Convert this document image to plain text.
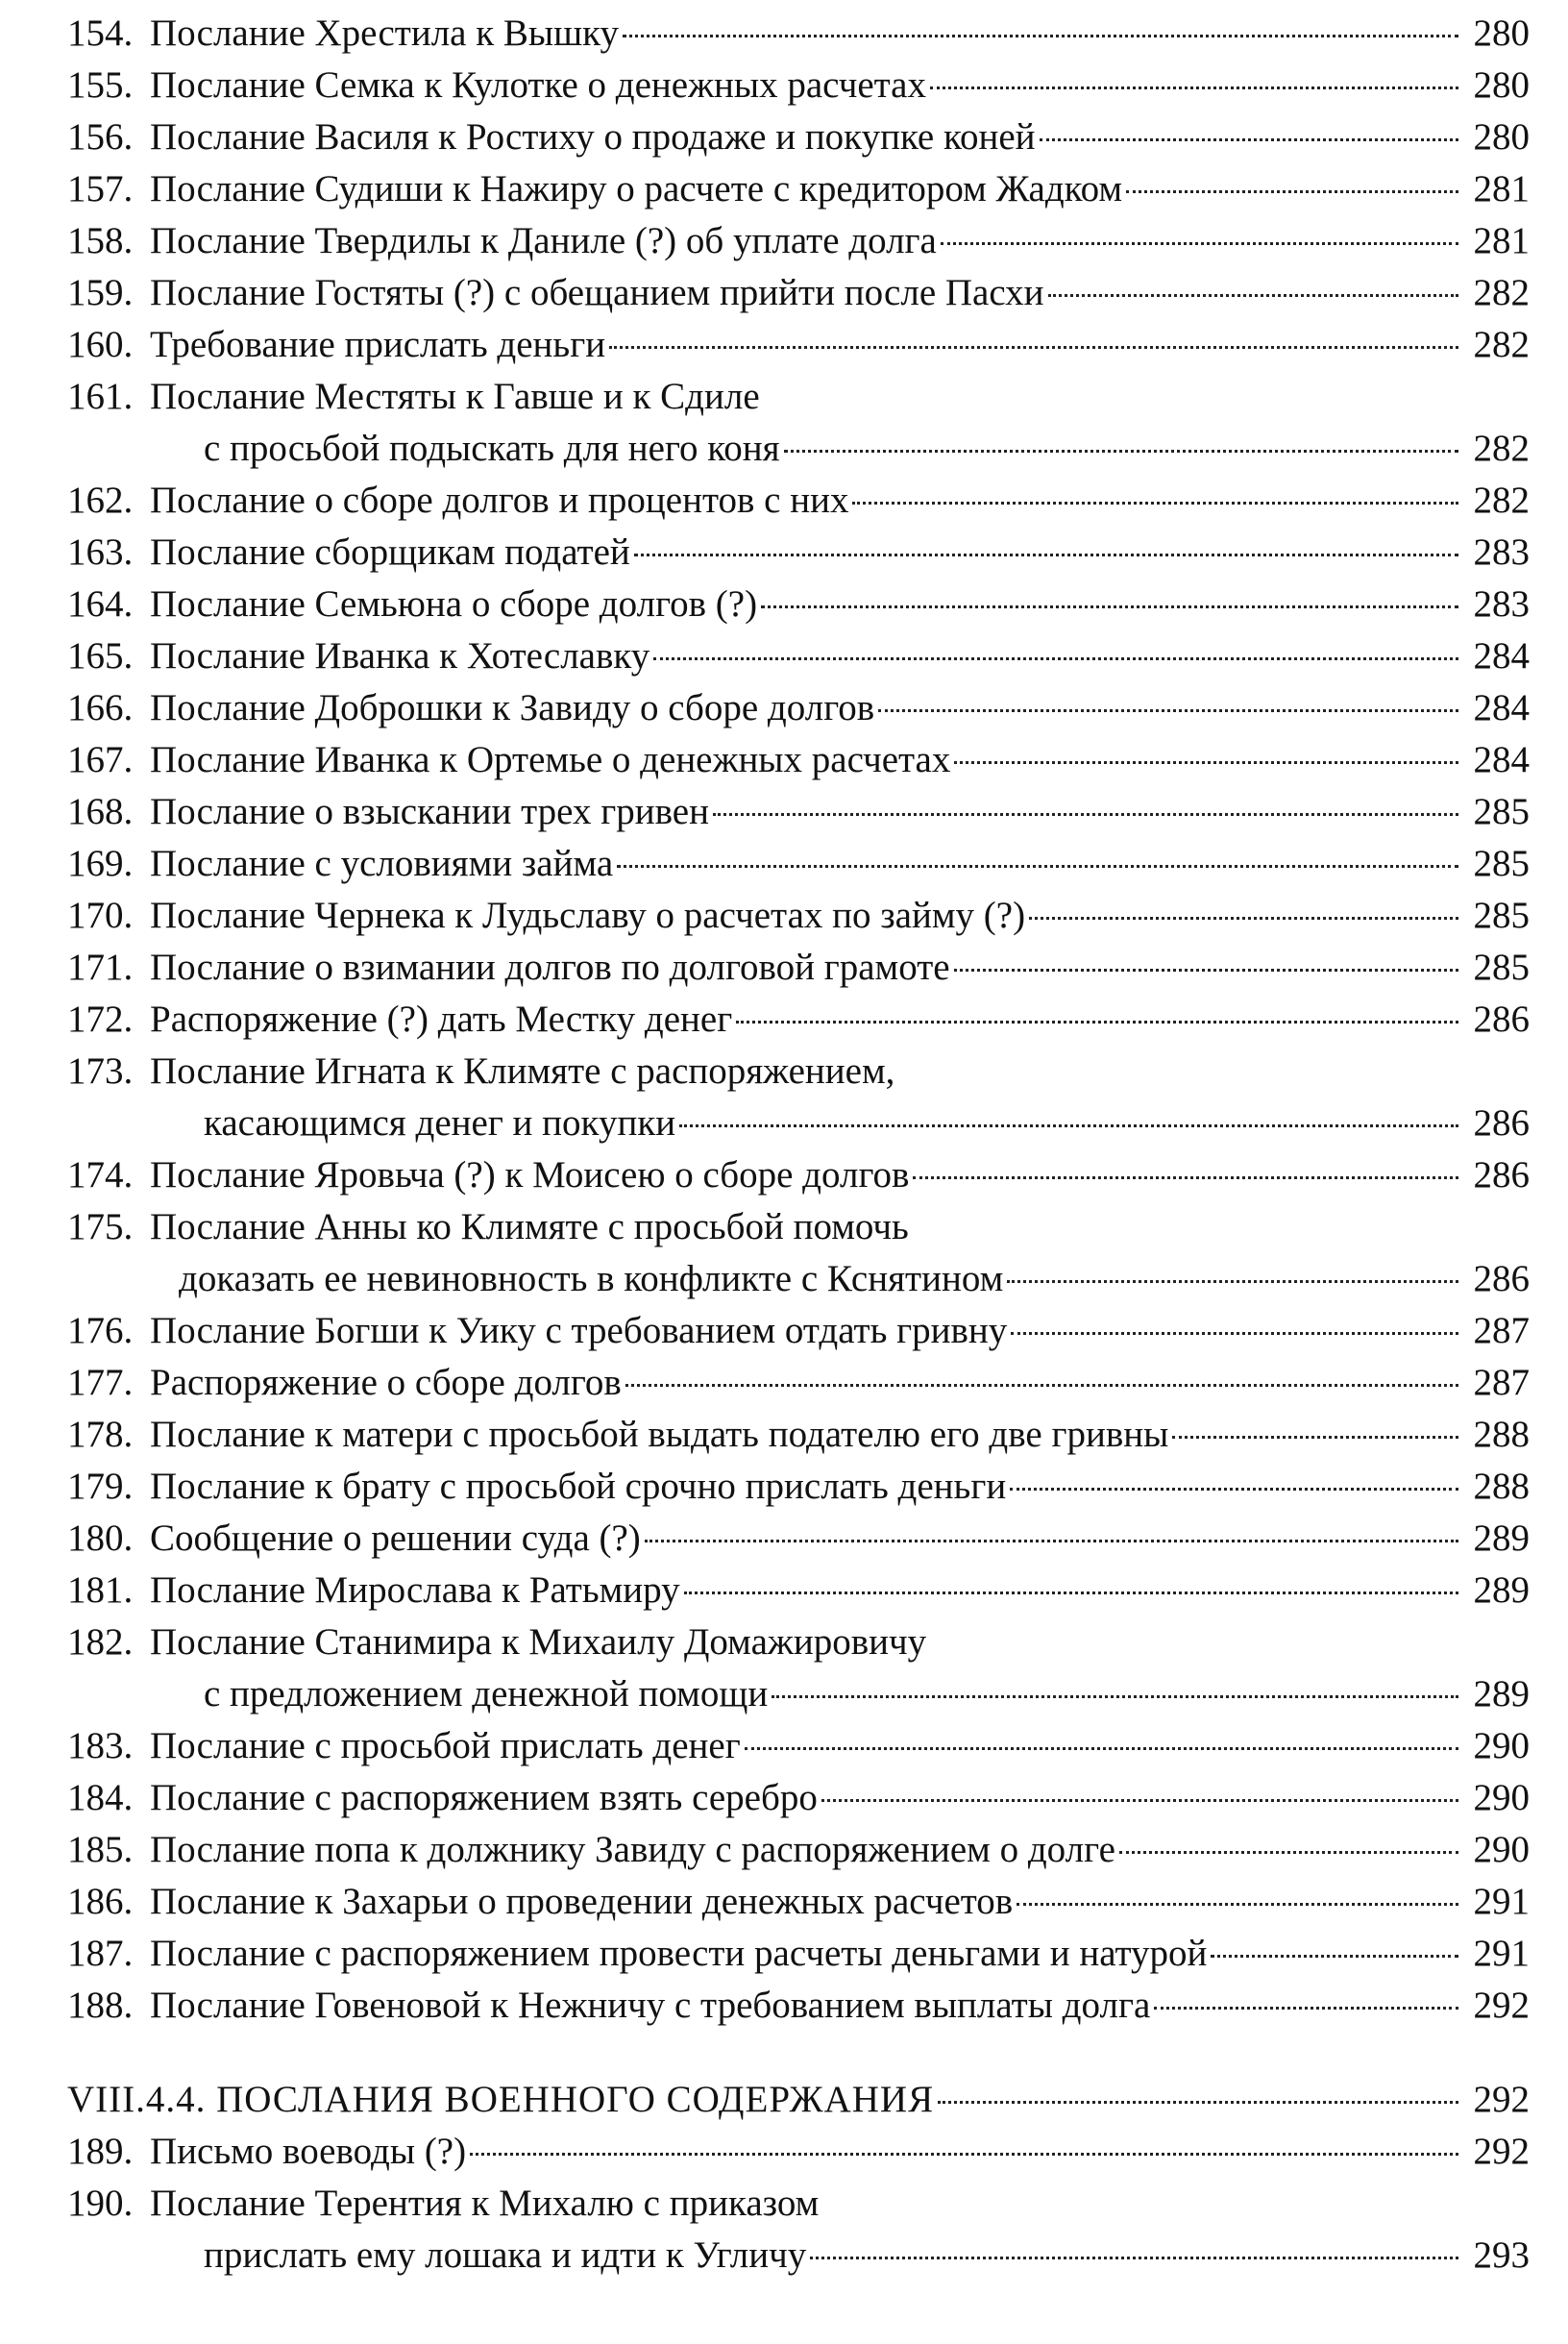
154. Послание Хрестила к Вышку	280
155. Послание Семка к Кулотке о денежных расчетах	280
156. Послание Василя к Ростиху о продаже и покупке коней	280
157. Послание Судиши к Нажиру о расчете с кредитором Жадком	281
158. Послание Твердилы к Даниле (?) об уплате долга	281
159. Послание Гостяты (?) с обещанием прийти после Пасхи	282
160. Требование прислать деньги	282
161. Послание Местяты к Гавше и к Сдиле
с просьбой подыскать для него коня	282
162. Послание о сборе долгов и процентов с них	282
163. Послание сборщикам податей	283
164. Послание Семьюна о сборе долгов (?)	283
165. Послание Иванка к Хотеславку	284
166. Послание Доброшки к Завиду о сборе долгов	284
167. Послание Иванка к Ортемье о денежных расчетах	284
168. Послание о взыскании трех гривен	285
169. Послание с условиями займа	285
170. Послание Чернека к Лудьславу о расчетах по займу (?)	285
171. Послание о взимании долгов по долговой грамоте	285
172. Распоряжение (?) дать Местку денег	286
173. Послание Игната к Климяте с распоряжением,
касающимся денег и покупки	286
174. Послание Яровьча (?) к Моисею о сборе долгов	286
175. Послание Анны ко Климяте с просьбой помочь
доказать ее невиновность в конфликте с Кснятином	286
176. Послание Богши к Уику с требованием отдать гривну	287
177. Распоряжение о сборе долгов	287
178. Послание к матери с просьбой выдать подателю его две гривны	288
179. Послание к брату с просьбой срочно прислать деньги	288
180. Сообщение о решении суда (?)	289
181. Послание Мирослава к Ратьмиру	289
182. Послание Станимира к Михаилу Домажировичу
с предложением денежной помощи	289
183. Послание с просьбой прислать денег	290
184. Послание с распоряжением взять серебро	290
185. Послание попа к должнику Завиду с распоряжением о долге	290
186. Послание к Захарьи о проведении денежных расчетов	291
187. Послание с распоряжением провести расчеты деньгами и натурой	291
188. Послание Говеновой к Нежничу с требованием выплаты долга	292
VIII.4.4. ПОСЛАНИЯ ВОЕННОГО СОДЕРЖАНИЯ	292
189. Письмо воеводы (?)	292
190. Послание Терентия к Михалю с приказом
прислать ему лошака и идти к Угличу	293
